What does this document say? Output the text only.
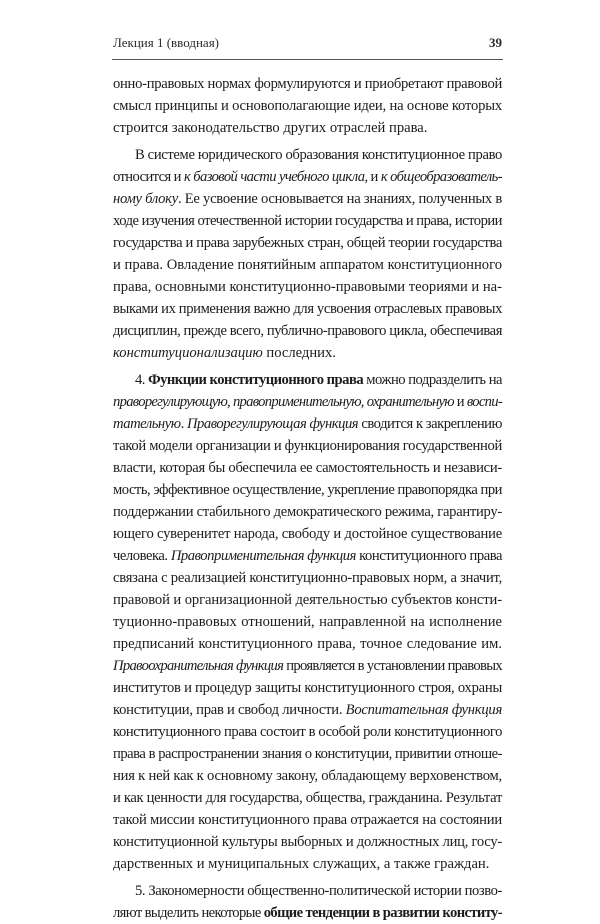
Лекция 1 (вводная)	39
онно-правовых нормах формулируются и приобретают правовой
смысл принципы и основополагающие идеи, на основе которых
строится законодательство других отраслей права.
В системе юридического образования конституционное право
относится и к базовой части учебного цикла, и к общеобразователь-
ному блоку. Ее усвоение основывается на знаниях, полученных в
ходе изучения отечественной истории государства и права, истории
государства и права зарубежных стран, общей теории государства
и права. Овладение понятийным аппаратом конституционного
права, основными конституционно-правовыми теориями и на-
выками их применения важно для усвоения отраслевых правовых
дисциплин, прежде всего, публично-правового цикла, обеспечивая
конституционализацию последних.
4. Функции конституционного права можно подразделить на
праворегулирующую, правоприменительную, охранительную и воспи-
тательную. Праворегулирующая функция сводится к закреплению
такой модели организации и функционирования государственной
власти, которая бы обеспечила ее самостоятельность и независи-
мость, эффективное осуществление, укрепление правопорядка при
поддержании стабильного демократического режима, гарантиру-
ющего суверенитет народа, свободу и достойное существование
человека. Правоприменительная функция конституционного права
связана с реализацией конституционно-правовых норм, а значит,
правовой и организационной деятельностью субъектов консти-
туционно-правовых отношений, направленной на исполнение
предписаний конституционного права, точное следование им.
Правоохранительная функция проявляется в установлении правовых
институтов и процедур защиты конституционного строя, охраны
конституции, прав и свобод личности. Воспитательная функция
конституционного права состоит в особой роли конституционного
права в распространении знания о конституции, привитии отноше-
ния к ней как к основному закону, обладающему верховенством,
и как ценности для государства, общества, гражданина. Результат
такой миссии конституционного права отражается на состоянии
конституционной культуры выборных и должностных лиц, госу-
дарственных и муниципальных служащих, а также граждан.
5. Закономерности общественно-политической истории позво-
ляют выделить некоторые общие тенденции в развитии конститу-
